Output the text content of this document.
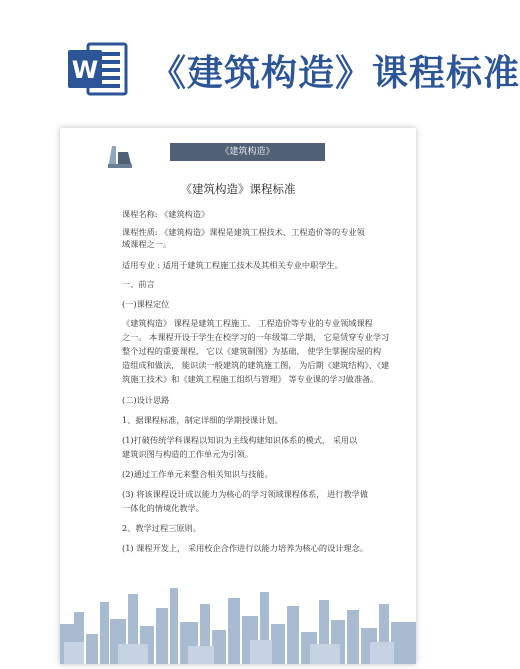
W 《建筑构造》课程标准
《建筑构造》
《建筑构造》课程标准
课程名称: 《建筑构造》
课程性质: 《建筑构造》课程是建筑工程技术、工程造价等的专业领
域课程之一。
适用专业 : 适用于建筑工程施工技术及其相关专业中职学生。
一、前言
(一)课程定位
《建筑构造》 课程是建筑工程施工、 工程造价等专业的专业领域课程
之一。 本课程开设于学生在校学习的一年级第二学期， 它是赁穿专业学习
整个过程的重要课程， 它以《建筑制图》为基础， 使学生掌握房屋的构
造组成和做法， 能识读一般建筑的建筑施工图， 为后期《建筑结构》、《建
筑施工技术》和《建筑工程施工组织与管理》 等专业课的学习做准备。
(二)设计思路
1、据课程标准，制定详细的学期授课计划。
(1)打破传统学科课程以知识为主线构建知识体系的模式， 采用以
建筑识图与构造的工作单元为引领。
(2)通过工作单元来整合相关知识与技能。
(3) 将该课程设计成以能力为核心的学习领域课程体系， 进行教学做
一体化的情境化教学。
2、教学过程三原则。
(1) 课程开发上， 采用校企合作进行以能力培养为核心的设计理念。
